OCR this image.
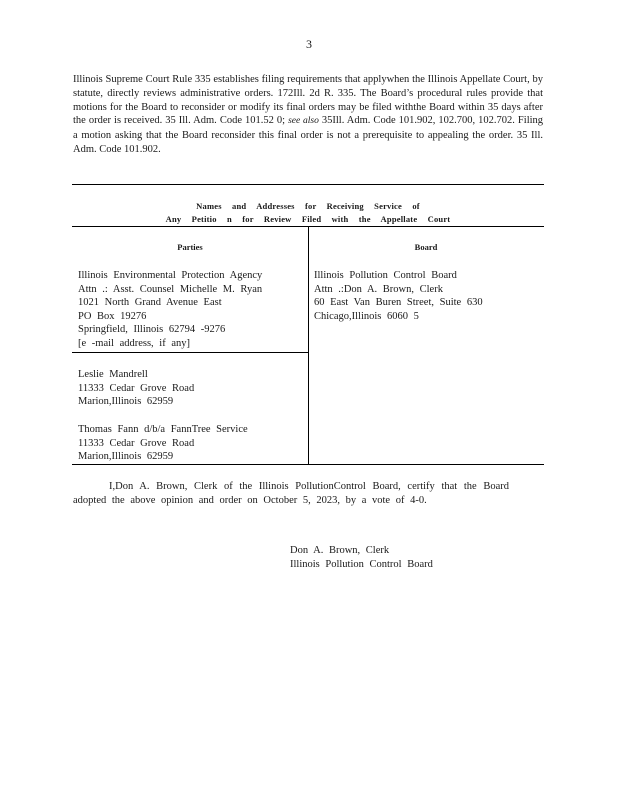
3
Illinois Supreme Court Rule 335 establishes filing requirements that applywhen the Illinois Appellate Court, by statute, directly reviews administrative orders. 172Ill. 2d R. 335. The Board’s procedural rules provide that motions for the Board to reconsider or modify its final orders may be filed withthe Board within 35 days after the order is received. 35 Ill. Adm. Code 101.52 0; see also 35Ill. Adm. Code 101.902, 102.700, 102.702. Filing a motion asking that the Board reconsider this final order is not a prerequisite to appealing the order. 35 Ill. Adm. Code 101.902.
Names and Addresses for Receiving Service of
Any Petitio n for Review Filed with the Appellate Court
Parties	Board
Illinois Environmental Protection Agency
Attn .: Asst. Counsel Michelle M. Ryan
1021 North Grand Avenue East
PO Box 19276
Springfield, Illinois 62794 -9276
[e -mail address, if any]
Leslie Mandrell
11333 Cedar Grove Road
Marion,Illinois 62959
Thomas Fann d/b/a FannTree Service
11333 Cedar Grove Road
Marion,Illinois 62959
Illinois Pollution Control Board
Attn .:Don A. Brown, Clerk
60 East Van Buren Street, Suite 630
Chicago,Illinois 6060 5
I,Don A. Brown, Clerk of the Illinois PollutionControl Board, certify that the Board adopted the above opinion and order on October 5, 2023, by a vote of 4-0.
Don A. Brown, Clerk
Illinois Pollution Control Board
